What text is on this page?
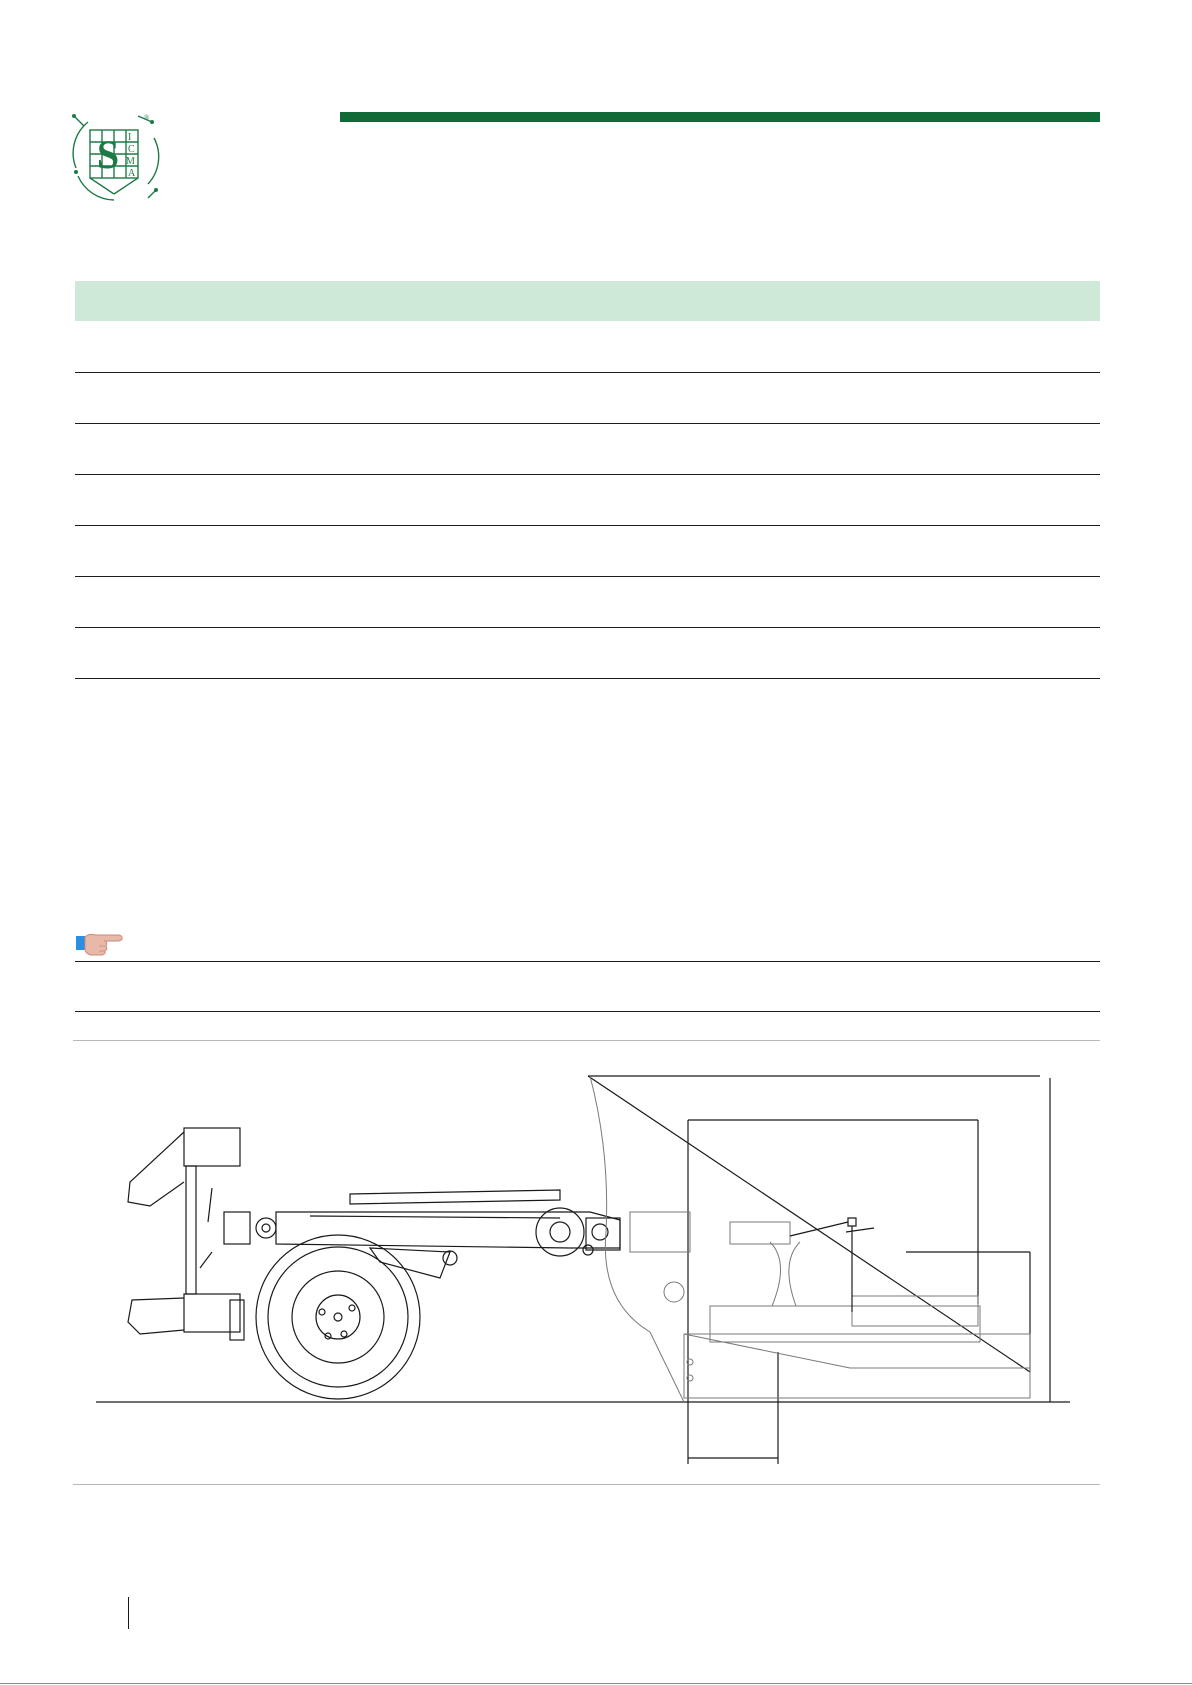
S I
C
M
A
®
